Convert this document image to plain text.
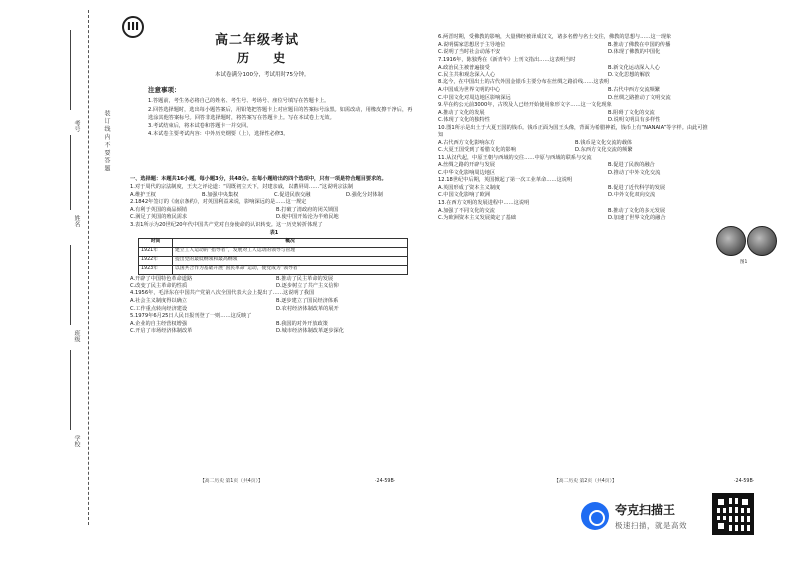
装 订 线 内 不 要 答 题
考号
姓名
班级
学校
III
高二年级考试
历 史
本试卷满分100分，考试用时75分钟。
注意事项：

1.答题前，考生务必将自己的姓名、考生号、考场号、座位号填写在答题卡上。

2.回答选择题时，选出每小题答案后，用铅笔把答题卡上对应题目的答案标号涂黑。如需改动，用橡皮擦干净后，再选涂其他答案标号。回答非选择题时，将答案写在答题卡上。写在本试卷上无效。

3.考试结束后，将本试卷和答题卡一并交回。

4.本试卷主要考试内容：中外历史纲要（上），选择性必修3。

一、选择题：本题共16小题，每小题3分，共48分。在每小题给出的四个选项中，只有一项是符合题目要求的。

1.对于周代的宗法制度，王夫之评论道：“周既初立天下，封建亲戚，以蕃屏周……”这说明宗法制

A.维护王权	B.加强中央集权	C.促进民族交融	D.强化分封体制

2.1842年签订的《南京条约》，对英国利益来说，影响深远的是……这一规定

A.有利于英国的商品倾销	B.打破了清政府的闭关锁国
C.满足了英国的殖民需求	D.使中国开始沦为半殖民地

3.表1所示为20世纪20年代中国共产党对自身使命的认识转变。这一历史转折体现了

表1
时间	概况
1921年	建立工人运动的“指导者”，发展对工人运动的领导与管理
1922年	提出党的最低纲领和最高纲领
1923年	以国共合作为基础开展“国民革命”运动，使党成为“领导者”
A.开辟了中国特色革命道路	B.推动了民主革命的发展
C.改变了民主革命的性质	D.逐步树立了共产主义信仰

4.1956年，毛泽东在中国共产党第八次全国代表大会上提出了……这说明了我国

A.社会主义制度得以确立	B.逐步建立了国民经济体系
C.工作重点转向经济建设	D.农村经济体制改革的展开

5.1979年6月25日人民日报刊登了一则……这反映了

A.企业的自主经营权增强	B.我国的对外开放政策
C.开启了市场经济体制改革	D.城市经济体制改革逐步深化
【高二历史 第1页（共4页）】	·24-59B·

6.两晋时期，受佛教的影响，大量佛经被译成汉文，诸多名僧与名士交往，佛教的思想与……这一现象

A.说明儒家思想居于主导地位	B.推动了佛教在中国的传播
C.说明了当时社会动荡不安	D.体现了佛教的中国化

7.1916年，陈独秀在《新青年》上刊文指出……这表明当时

A.政治民主被普遍接受	B.新文化运动深入人心
C.民主共和观念深入人心	D.文化思想的解放

8.迄今，在中国出土的古代外国金银币主要分布在丝绸之路沿线……这表明

A.中国成为世界文明的中心	B.古代中西方交流频繁
C.中国文化对周边地区影响深远	D.丝绸之路推动了文明交流

9.早在约公元前3000年，古埃及人已经开始使用象形文字……这一文化现象

A.推动了文化的发展	B.阻碍了文化的交流
C.体现了文化的独特性	D.说明文明具有多样性

10.图1所示是出土于大夏王国的钱币。钱币正面为国王头像，背面为希腊神祇，钱币上有“NANAIA”等字样。由此可推知

A.古代西方文化影响东方	B.钱币是文化交流的载体
C.大夏王国受到了希腊文化的影响	D.东西方文化交流的频繁

11.从汉代起，中原王朝与西域的交往……中原与西域的联系与交流

A.丝绸之路的开辟与发展	B.促进了民族的融合
C.中华文化影响周边地区	D.推动了中外文化交流

12.18世纪中后期，英国掀起了第一次工业革命……这说明

A.英国形成了资本主义制度	B.促进了近代科学的发展
C.中国文化影响了欧洲	D.中外文化双向交流

13.在西方文明的发展进程中……这说明

A.加强了不同文化的交流	B.推动了文化的多元发展
C.为欧洲资本主义发展奠定了基础	D.加速了世界文化的融合
图1
【高二历史 第2页（共4页）】	·24-59B·
夸克扫描王
极速扫描，就是高效
